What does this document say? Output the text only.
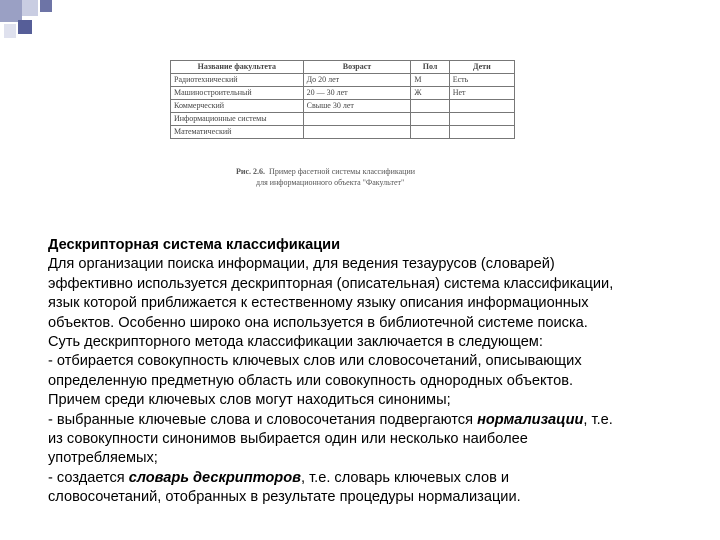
Название факультета	Возраст	Пол	Дети
Радиотехнический	До 20 лет	М	Есть
Машиностроительный	20 — 30 лет	Ж	Нет
Коммерческий	Свыше 30 лет		
Информационные системы			
Математический			
Рис. 2.6. Пример фасетной системы классификации
для информационного объекта "Факультет"

Дескрипторная система классификации

Для организации поиска информации, для ведения тезаурусов (словарей)

эффективно используется дескрипторная (описательная) система классификации,

язык которой приближается к естественному языку описания информационных

объектов. Особенно широко она используется в библиотечной системе поиска.

Суть дескрипторного метода классификации заключается в следующем:

- отбирается совокупность ключевых слов или словосочетаний, описывающих

определенную предметную область или совокупность однородных объектов.

Причем среди ключевых слов могут находиться синонимы;

- выбранные ключевые слова и словосочетания подвергаются нормализации, т.е.

из совокупности синонимов выбирается один или несколько наиболее

употребляемых;

- создается словарь дескрипторов, т.е. словарь ключевых слов и

словосочетаний, отобранных в результате процедуры нормализации.
